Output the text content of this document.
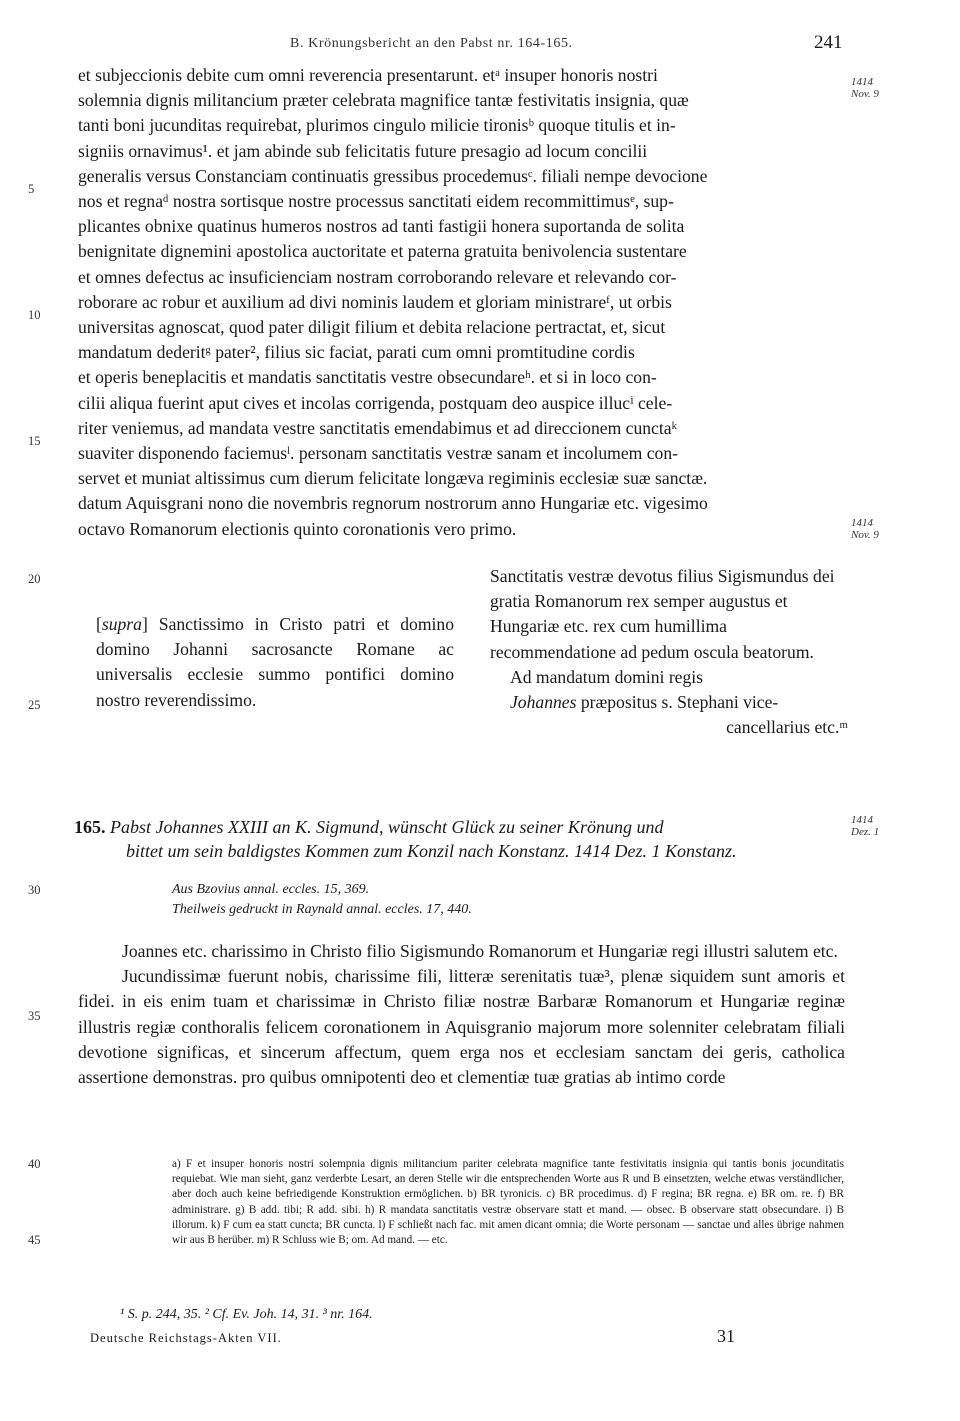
B. Krönungsbericht an den Pabst nr. 164-165.	241

et subjeccionis debite cum omni reverencia presentarunt. etᵃ insuper honoris nostri

solemnia dignis militancium præter celebrata magnifice tantæ festivitatis insignia, quæ

tanti boni jucunditas requirebat, plurimos cingulo milicie tironisᵇ quoque titulis et in-

signiis ornavimus¹. et jam abinde sub felicitatis future presagio ad locum concilii

generalis versus Constanciam continuatis gressibus procedemusᶜ. filiali nempe devocione

nos et regnaᵈ nostra sortisque nostre processus sanctitati eidem recommittimusᵉ, sup-

plicantes obnixe quatinus humeros nostros ad tanti fastigii honera suportanda de solita

benignitate dignemini apostolica auctoritate et paterna gratuita benivolencia sustentare

et omnes defectus ac insuficienciam nostram corroborando relevare et relevando cor-

roborare ac robur et auxilium ad divi nominis laudem et gloriam ministrareᶠ, ut orbis

universitas agnoscat, quod pater diligit filium et debita relacione pertractat, et, sicut

mandatum dederitᵍ pater², filius sic faciat, parati cum omni promtitudine cordis

et operis beneplacitis et mandatis sanctitatis vestre obsecundareʰ. et si in loco con-

cilii aliqua fuerint aput cives et incolas corrigenda, postquam deo auspice illucⁱ cele-

riter veniemus, ad mandata vestre sanctitatis emendabimus et ad direccionem cunctaᵏ

suaviter disponendo faciemusˡ. personam sanctitatis vestræ sanam et incolumem con-

servet et muniat altissimus cum dierum felicitate longæva regiminis ecclesiæ suæ sanctæ.

datum Aquisgrani nono die novembris regnorum nostrorum anno Hungariæ etc. vigesimo

octavo Romanorum electionis quinto coronationis vero primo.

5
10
15
20
25
30
35
40
45
1414
Nov. 9
1414
Nov. 9
1414
Dez. 1
[supra] Sanctissimo in Cristo patri et domino domino Johanni sacrosancte Romane ac universalis ecclesie summo pontifici domino nostro reverendissimo.

Sanctitatis vestræ devotus filius Sigismundus dei gratia Romanorum rex semper augustus et Hungariæ etc. rex cum humillima recommendatione ad pedum oscula beatorum.

Ad mandatum domini regis

Johannes præpositus s. Stephani vice-

cancellarius etc.ᵐ

165. Pabst Johannes XXIII an K. Sigmund, wünscht Glück zu seiner Krönung und
bittet um sein baldigstes Kommen zum Konzil nach Konstanz. 1414 Dez. 1 Konstanz.
Aus Bzovius annal. eccles. 15, 369.
Theilweis gedruckt in Raynald annal. eccles. 17, 440.

Joannes etc. charissimo in Christo filio Sigismundo Romanorum et Hungariæ regi illustri salutem etc.

Jucundissimæ fuerunt nobis, charissime fili, litteræ serenitatis tuæ³, plenæ siquidem sunt amoris et fidei. in eis enim tuam et charissimæ in Christo filiæ nostræ Barbaræ Romanorum et Hungariæ reginæ illustris regiæ conthoralis felicem coronationem in Aquisgranio majorum more solenniter celebratam filiali devotione significas, et sincerum affectum, quem erga nos et ecclesiam sanctam dei geris, catholica assertione demonstras. pro quibus omnipotenti deo et clementiæ tuæ gratias ab intimo corde

a) F et insuper honoris nostri solempnia dignis militancium pariter celebrata magnifice tante festivitatis insignia qui tantis bonis jocunditatis requiebat. Wie man sieht, ganz verderbte Lesart, an deren Stelle wir die entsprechenden Worte aus R und B einsetzten, welche etwas verständlicher, aber doch auch keine befriedigende Konstruktion ermöglichen. b) BR tyronicis. c) BR procedimus. d) F regina; BR regna. e) BR om. re. f) BR administrare. g) B add. tibi; R add. sibi. h) R mandata sanctitatis vestræ observare statt et mand. — obsec. B observare statt obsecundare. i) B illorum. k) F cum ea statt cuncta; BR cuncta. l) F schließt nach fac. mit amen dicant omnia; die Worte personam — sanctae und alles übrige nahmen wir aus B herüber. m) R Schluss wie B; om. Ad mand. — etc.

¹ S. p. 244, 35. ² Cf. Ev. Joh. 14, 31. ³ nr. 164.
Deutsche Reichstags-Akten VII.	31
